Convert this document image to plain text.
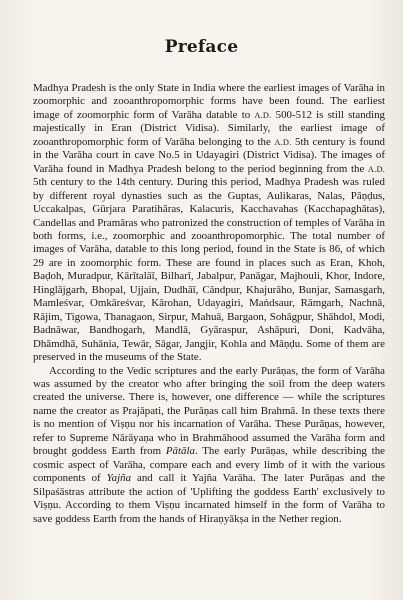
Preface

Madhya Pradesh is the only State in India where the earliest images of Varāha in zoomorphic and zooanthropomorphic forms have been found. The earliest image of zoomorphic form of Varāha datable to A.D. 500-512 is still standing majestically in Eran (District Vidisa). Similarly, the earliest image of zooanthropomorphic form of Varāha belonging to the A.D. 5th century is found in the Varāha court in cave No.5 in Udayagiri (District Vidisa). The images of Varāha found in Madhya Pradesh belong to the period beginning from the A.D. 5th century to the 14th century. During this period, Madhya Pradesh was ruled by different royal dynasties such as the Guptas, Aulikaras, Nalas, Pāṇḍus, Uccakalpas, Gūrjara Paratihāras, Kalacuris, Kacchavahas (Kacchapaghātas), Candellas and Pramāras who patronized the construction of temples of Varāha in both forms, i.e., zoomorphic and zooanthropomorphic. The total number of images of Varāha, datable to this long period, found in the State is 86, of which 29 are in zoomorphic form. These are found in places such as Eran, Khoh, Baḍoh, Muradpur, Kārītalāī, Bilharī, Jabalpur, Panāgar, Majhouli, Khor, Indore, Hinglājgarh, Bhopal, Ujjain, Dudhāī, Cāndpur, Khajurāho, Bunjar, Samasgarh, Mamleśvar, Omkāreśvar, Kārohan, Udayagiri, Maṅdsaur, Rāmgarh, Nachnā, Rājim, Tigowa, Thanagaon, Sirpur, Mahuā, Bargaon, Sohāgpur, Shāhdol, Modi, Badnāwar, Bandhogarh, Mandlā, Gyāraspur, Ashāpuri, Doni, Kadvāha, Dhāmdhā, Suhānia, Tewār, Sāgar, Jangjir, Kohla and Māṇḍu. Some of them are preserved in the museums of the State.

According to the Vedic scriptures and the early Purāṇas, the form of Varāha was assumed by the creator who after bringing the soil from the deep waters created the universe. There is, however, one difference — while the scriptures name the creator as Prajāpati, the Purāṇas call him Brahmā. In these texts there is no mention of Viṣṇu nor his incarnation of Varāha. These Purāṇas, however, refer to Supreme Nārāyaṇa who in Brahmāhood assumed the Varāha form and brought goddess Earth from Pātāla. The early Purāṇas, while describing the cosmic aspect of Varāha, compare each and every limb of it with the various components of Yajña and call it Yajña Varāha. The later Purāṇas and the Silpaśāstras attribute the action of 'Uplifting the goddess Earth' exclusively to Viṣṇu. According to them Viṣṇu incarnated himself in the form of Varāha to save goddess Earth from the hands of Hiraṇyākṣa in the Nether region.
